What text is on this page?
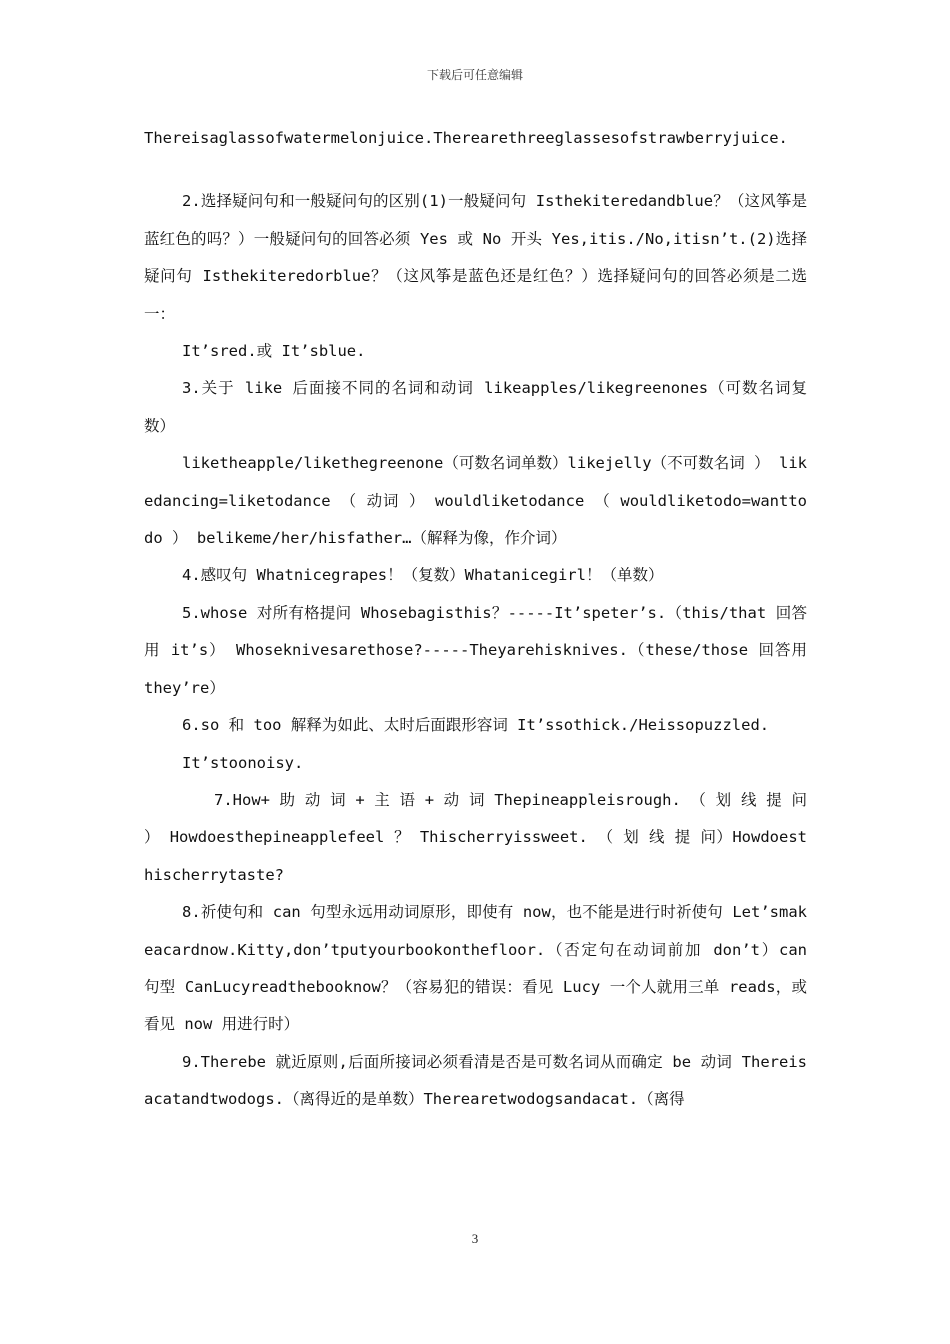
下载后可任意编辑

Thereisaglassofwatermelonjuice.Therearethreeglassesofstrawberryjuice.

2.选择疑问句和一般疑问句的区别(1)一般疑问句 Isthekiteredandblue？（这风筝是蓝红色的吗？）一般疑问句的回答必须 Yes 或 No 开头 Yes,itis./No,itisn’t.(2)选择疑问句 Isthekiteredorblue？（这风筝是蓝色还是红色？）选择疑问句的回答必须是二选一：

It’sred.或 It’sblue.

3.关于 like 后面接不同的名词和动词 likeapples/likegreenones（可数名词复数）

liketheapple/likethegreenone（可数名词单数）likejelly（不可数名词 ） likedancing=liketodance （ 动词 ） wouldliketodance （ wouldliketodo=wanttodo ） belikeme/her/hisfather…（解释为像，作介词）

4.感叹句 Whatnicegrapes！（复数）Whatanicegirl！（单数）

5.whose 对所有格提问 Whosebagisthis？-----It’speter’s.（this/that 回答用 it’s） Whoseknivesarethose?-----Theyarehisknives.（these/those 回答用 they’re）

6.so 和 too 解释为如此、太时后面跟形容词 It’ssothick./Heissopuzzled.

It’stoonoisy.

7.How+ 助 动 词 + 主 语 + 动 词 Thepineappleisrough. （ 划 线 提 问 ） Howdoesthepineapplefeel ？ Thischerryissweet. （ 划 线 提 问）Howdoesthischerrytaste?

8.祈使句和 can 句型永远用动词原形，即使有 now，也不能是进行时祈使句 Let’smakeacardnow.Kitty,don’tputyourbookonthefloor.（否定句在动词前加 don’t）can 句型 CanLucyreadthebooknow？（容易犯的错误：看见 Lucy 一个人就用三单 reads，或看见 now 用进行时）

9.Therebe 就近原则,后面所接词必须看清是否是可数名词从而确定 be 动词 Thereisacatandtwodogs.（离得近的是单数）Therearetwodogsandacat.（离得

3
